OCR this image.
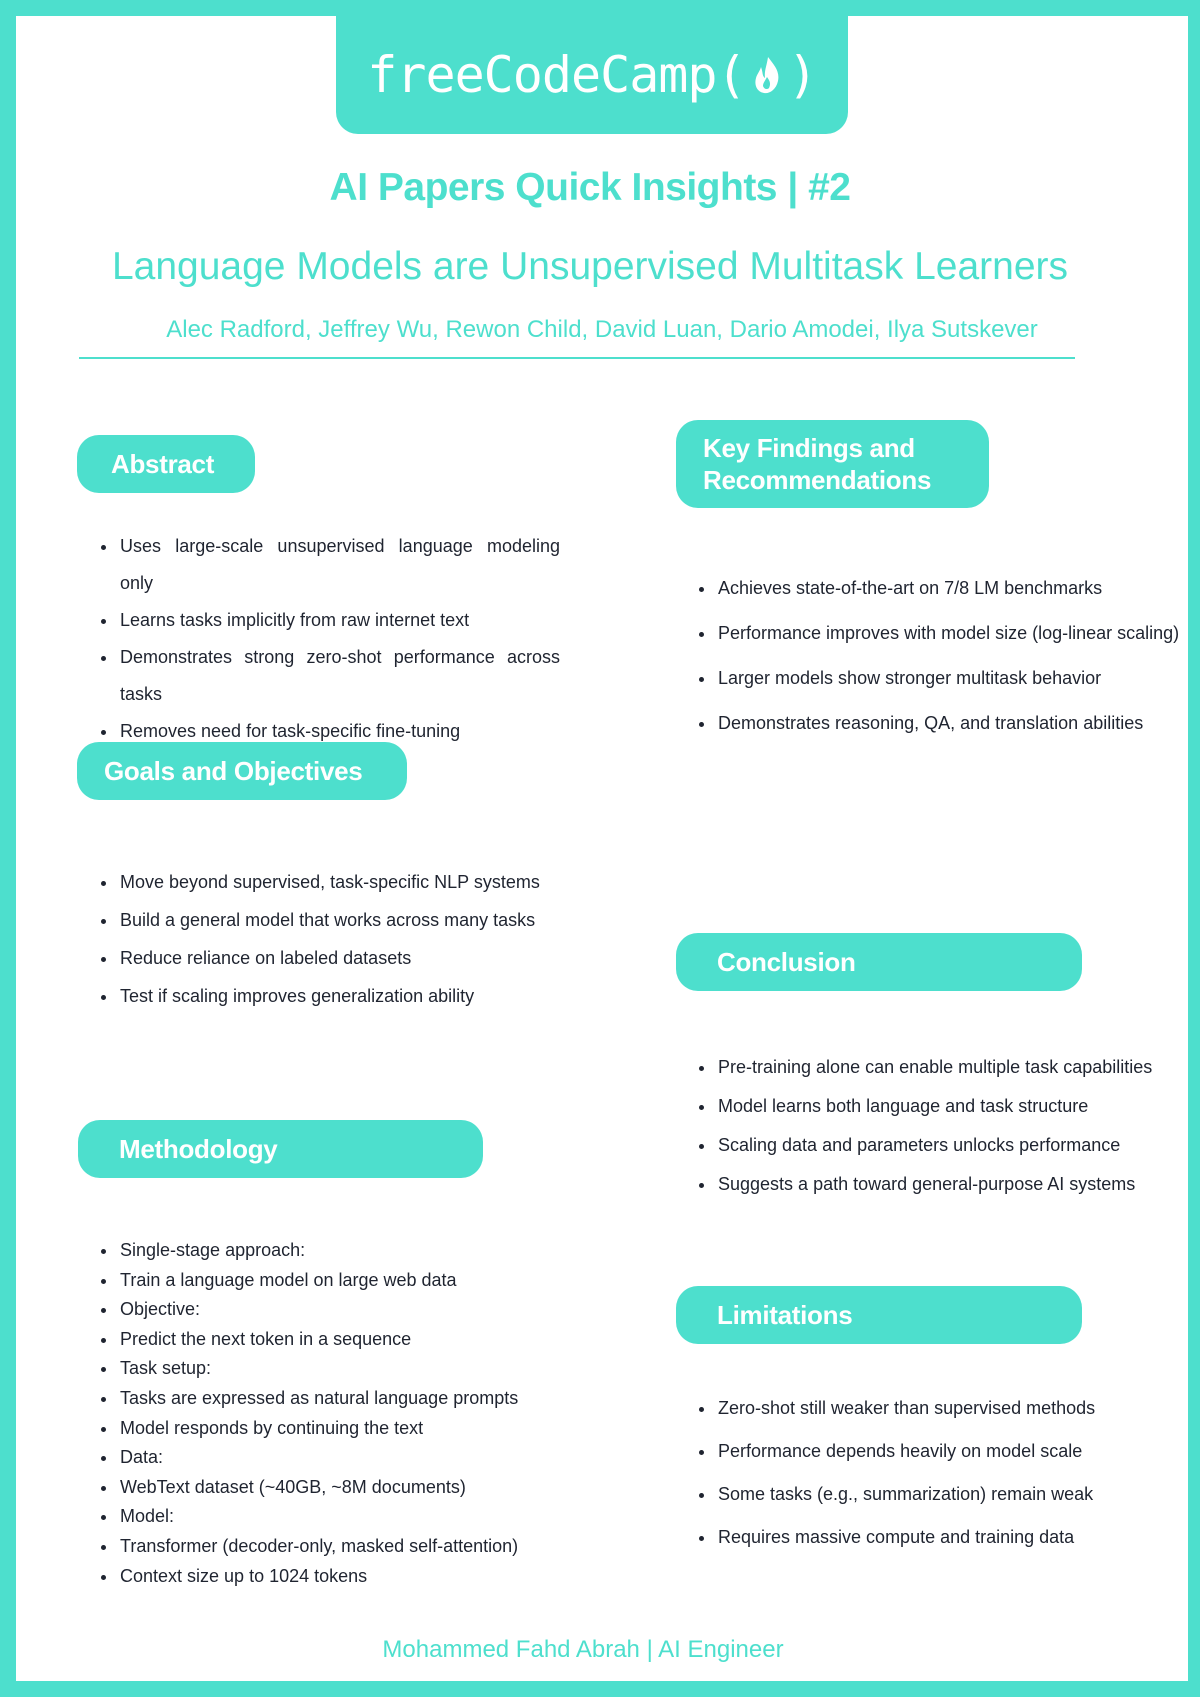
freeCodeCamp( )
AI Papers Quick Insights | #2
Language Models are Unsupervised Multitask Learners
Alec Radford, Jeffrey Wu, Rewon Child, David Luan, Dario Amodei, Ilya Sutskever
Abstract
• Uses large-scale unsupervised language modeling only
• Learns tasks implicitly from raw internet text
• Demonstrates strong zero-shot performance across tasks
• Removes need for task-specific fine-tuning
Goals and Objectives
• Move beyond supervised, task-specific NLP systems
• Build a general model that works across many tasks
• Reduce reliance on labeled datasets
• Test if scaling improves generalization ability
Methodology
• Single-stage approach:
• Train a language model on large web data
• Objective:
• Predict the next token in a sequence
• Task setup:
• Tasks are expressed as natural language prompts
• Model responds by continuing the text
• Data:
• WebText dataset (~40GB, ~8M documents)
• Model:
• Transformer (decoder-only, masked self-attention)
• Context size up to 1024 tokens
Key Findings and
Recommendations
• Achieves state-of-the-art on 7/8 LM benchmarks
• Performance improves with model size (log-linear scaling)
• Larger models show stronger multitask behavior
• Demonstrates reasoning, QA, and translation abilities
Conclusion
• Pre-training alone can enable multiple task capabilities
• Model learns both language and task structure
• Scaling data and parameters unlocks performance
• Suggests a path toward general-purpose AI systems
Limitations
• Zero-shot still weaker than supervised methods
• Performance depends heavily on model scale
• Some tasks (e.g., summarization) remain weak
• Requires massive compute and training data
Mohammed Fahd Abrah | AI Engineer
